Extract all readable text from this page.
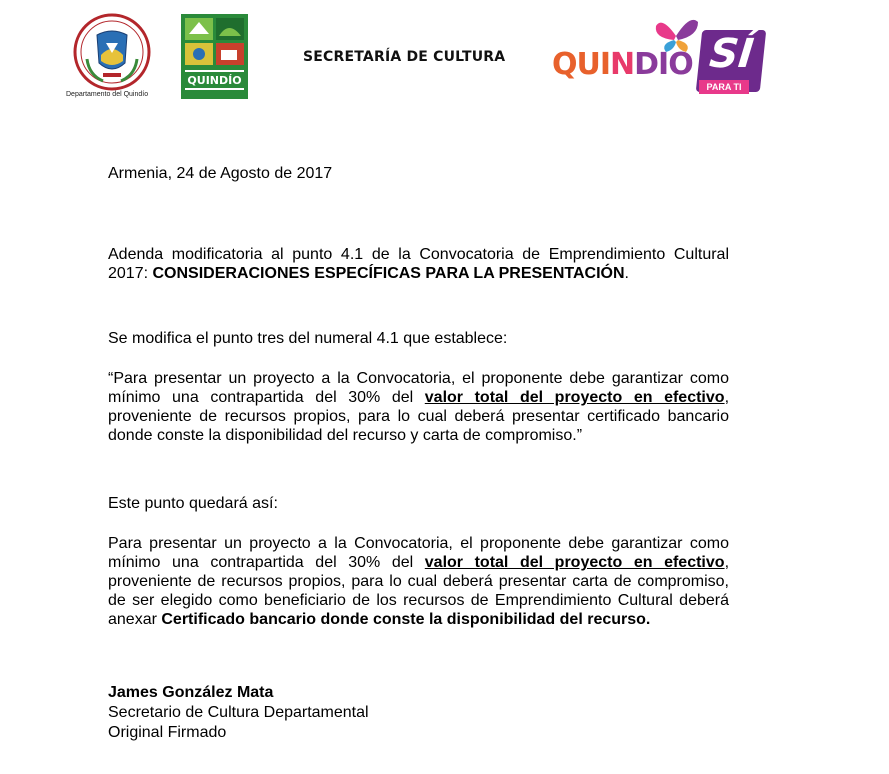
Departamento del Quindío
QUINDÍO
SECRETARÍA DE CULTURA QUINDIO SÍ
PARA TI
Armenia, 24 de Agosto de 2017

Adenda modificatoria al punto 4.1 de la Convocatoria de Emprendimiento Cultural 2017: CONSIDERACIONES ESPECÍFICAS PARA LA PRESENTACIÓN.

Se modifica el punto tres del numeral 4.1 que establece:

“Para presentar un proyecto a la Convocatoria, el proponente debe garantizar como mínimo una contrapartida del 30% del valor total del proyecto en efectivo, proveniente de recursos propios, para lo cual deberá presentar certificado bancario donde conste la disponibilidad del recurso y carta de compromiso.”

Este punto quedará así:

Para presentar un proyecto a la Convocatoria, el proponente debe garantizar como mínimo una contrapartida del 30% del valor total del proyecto en efectivo, proveniente de recursos propios, para lo cual deberá presentar carta de compromiso, de ser elegido como beneficiario de los recursos de Emprendimiento Cultural deberá anexar Certificado bancario donde conste la disponibilidad del recurso.

James González Mata
Secretario de Cultura Departamental
Original Firmado
